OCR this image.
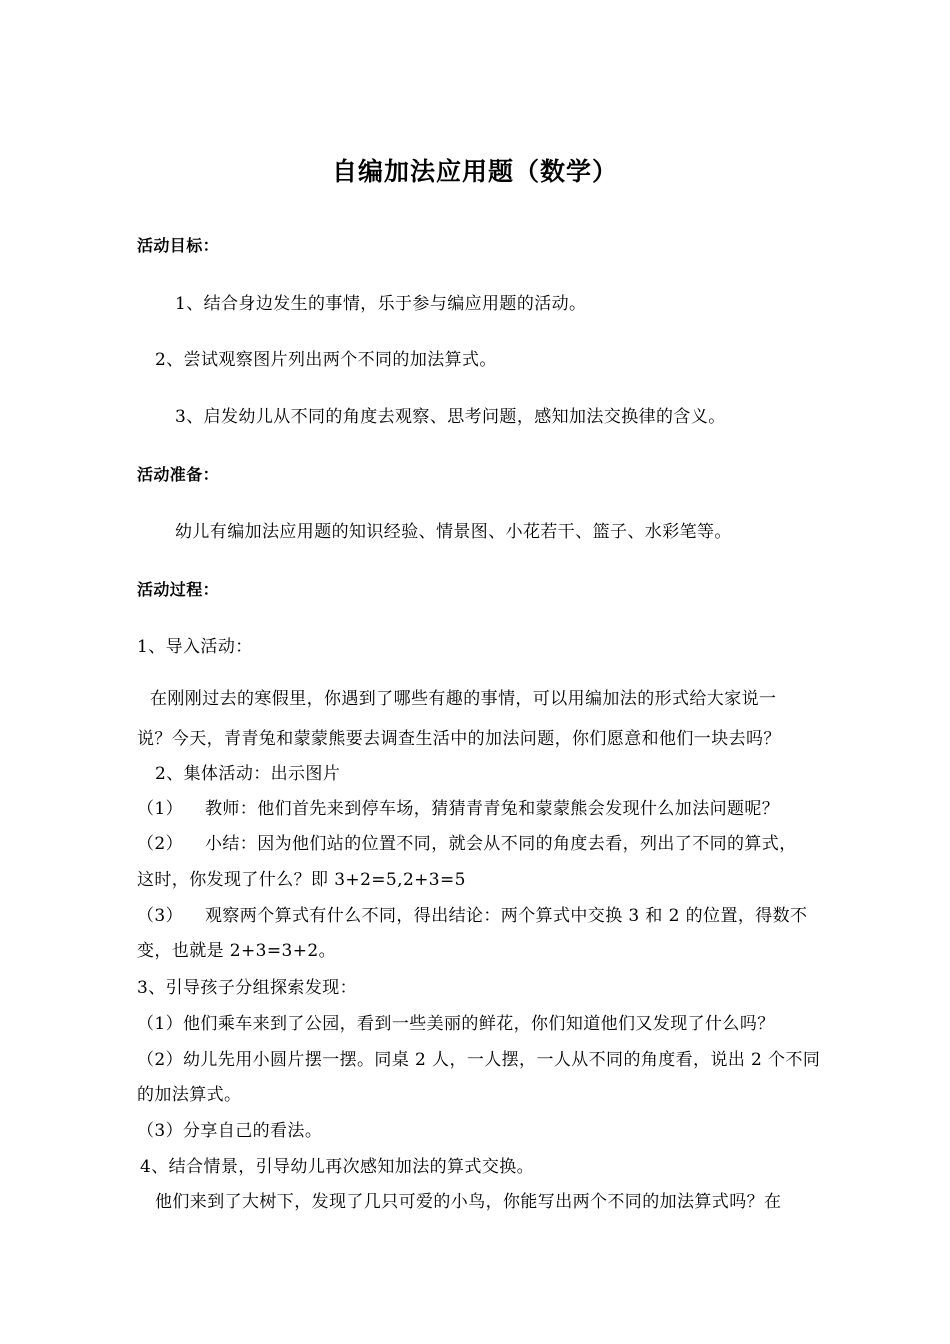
自编加法应用题（数学）
活动目标：
1、结合身边发生的事情，乐于参与编应用题的活动。
2、尝试观察图片列出两个不同的加法算式。
3、启发幼儿从不同的角度去观察、思考问题，感知加法交换律的含义。
活动准备：
幼儿有编加法应用题的知识经验、情景图、小花若干、篮子、水彩笔等。
活动过程：
1、导入活动：
在刚刚过去的寒假里，你遇到了哪些有趣的事情，可以用编加法的形式给大家说一
说？今天，青青兔和蒙蒙熊要去调查生活中的加法问题，你们愿意和他们一块去吗？
2、集体活动：出示图片
（1） 教师：他们首先来到停车场，猜猜青青兔和蒙蒙熊会发现什么加法问题呢？
（2） 小结：因为他们站的位置不同，就会从不同的角度去看，列出了不同的算式，
这时，你发现了什么？即 3+2=5,2+3=5
（3） 观察两个算式有什么不同，得出结论：两个算式中交换 3 和 2 的位置，得数不
变，也就是 2+3=3+2。
3、引导孩子分组探索发现：
（1）他们乘车来到了公园，看到一些美丽的鲜花，你们知道他们又发现了什么吗？
（2）幼儿先用小圆片摆一摆。同桌 2 人，一人摆，一人从不同的角度看，说出 2 个不同
的加法算式。
（3）分享自己的看法。
4、结合情景，引导幼儿再次感知加法的算式交换。
他们来到了大树下，发现了几只可爱的小鸟，你能写出两个不同的加法算式吗？在
